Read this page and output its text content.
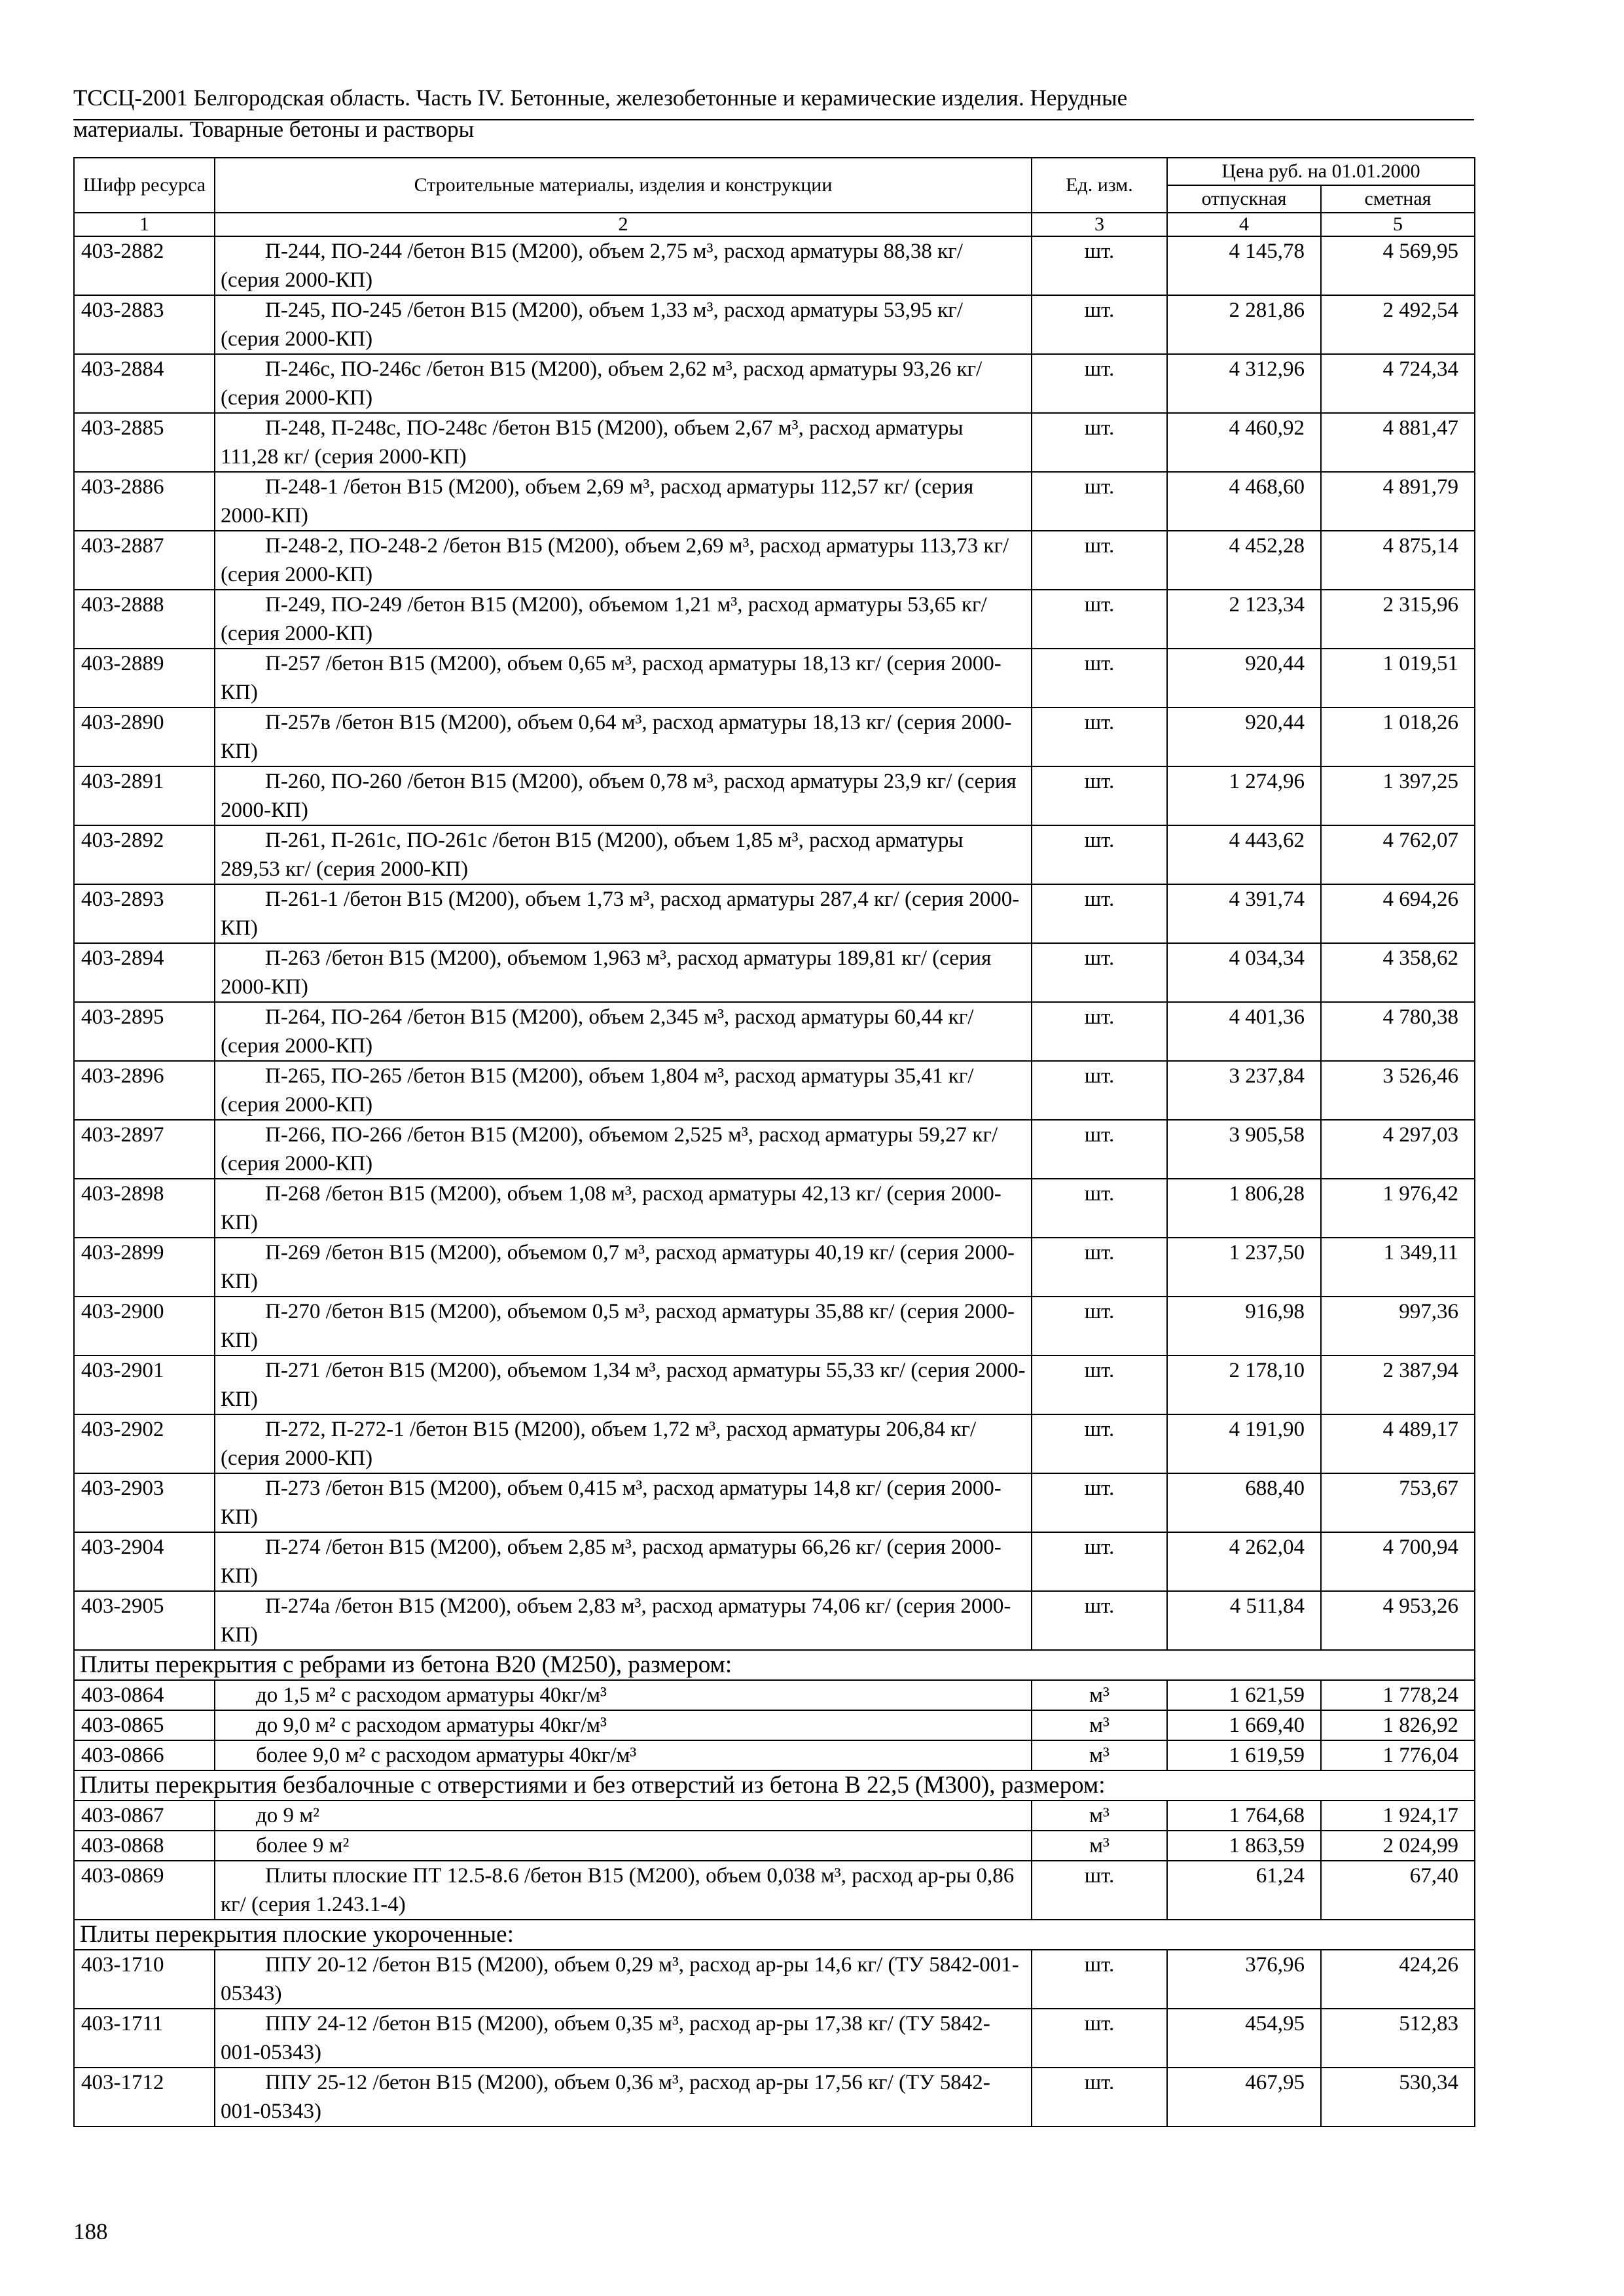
ТССЦ-2001 Белгородская область. Часть IV. Бетонные, железобетонные и керамические изделия. Нерудные
материалы. Товарные бетоны и растворы
Шифр ресурса	Строительные материалы, изделия и конструкции	Ед. изм.	Цена руб. на 01.01.2000	
			отпускная	сметная
1	2	3	4	5
403-2882	П-244, ПО-244 /бетон B15 (М200), объем 2,75 м³, расход арматуры 88,38 кг/ (серия 2000-КП)	шт.	4 145,78	4 569,95
403-2883	П-245, ПО-245 /бетон B15 (М200), объем 1,33 м³, расход арматуры 53,95 кг/ (серия 2000-КП)	шт.	2 281,86	2 492,54
403-2884	П-246с, ПО-246с /бетон B15 (М200), объем 2,62 м³, расход арматуры 93,26 кг/ (серия 2000-КП)	шт.	4 312,96	4 724,34
403-2885	П-248, П-248с, ПО-248с /бетон B15 (М200), объем 2,67 м³, расход арматуры 111,28 кг/ (серия 2000-КП)	шт.	4 460,92	4 881,47
403-2886	П-248-1 /бетон B15 (М200), объем 2,69 м³, расход арматуры 112,57 кг/ (серия 2000-КП)	шт.	4 468,60	4 891,79
403-2887	П-248-2, ПО-248-2 /бетон B15 (М200), объем 2,69 м³, расход арматуры 113,73 кг/ (серия 2000-КП)	шт.	4 452,28	4 875,14
403-2888	П-249, ПО-249 /бетон B15 (М200), объемом 1,21 м³, расход арматуры 53,65 кг/ (серия 2000-КП)	шт.	2 123,34	2 315,96
403-2889	П-257 /бетон B15 (М200), объем 0,65 м³, расход арматуры 18,13 кг/ (серия 2000-КП)	шт.	920,44	1 019,51
403-2890	П-257в /бетон B15 (М200), объем 0,64 м³, расход арматуры 18,13 кг/ (серия 2000-КП)	шт.	920,44	1 018,26
403-2891	П-260, ПО-260 /бетон B15 (М200), объем 0,78 м³, расход арматуры 23,9 кг/ (серия 2000-КП)	шт.	1 274,96	1 397,25
403-2892	П-261, П-261с, ПО-261с /бетон B15 (М200), объем 1,85 м³, расход арматуры 289,53 кг/ (серия 2000-КП)	шт.	4 443,62	4 762,07
403-2893	П-261-1 /бетон B15 (М200), объем 1,73 м³, расход арматуры 287,4 кг/ (серия 2000-КП)	шт.	4 391,74	4 694,26
403-2894	П-263 /бетон B15 (М200), объемом 1,963 м³, расход арматуры 189,81 кг/ (серия 2000-КП)	шт.	4 034,34	4 358,62
403-2895	П-264, ПО-264 /бетон B15 (М200), объем 2,345 м³, расход арматуры 60,44 кг/ (серия 2000-КП)	шт.	4 401,36	4 780,38
403-2896	П-265, ПО-265 /бетон B15 (М200), объем 1,804 м³, расход арматуры 35,41 кг/ (серия 2000-КП)	шт.	3 237,84	3 526,46
403-2897	П-266, ПО-266 /бетон B15 (М200), объемом 2,525 м³, расход арматуры 59,27 кг/ (серия 2000-КП)	шт.	3 905,58	4 297,03
403-2898	П-268 /бетон B15 (М200), объем 1,08 м³, расход арматуры 42,13 кг/ (серия 2000-КП)	шт.	1 806,28	1 976,42
403-2899	П-269 /бетон B15 (М200), объемом 0,7 м³, расход арматуры 40,19 кг/ (серия 2000-КП)	шт.	1 237,50	1 349,11
403-2900	П-270 /бетон B15 (М200), объемом 0,5 м³, расход арматуры 35,88 кг/ (серия 2000-КП)	шт.	916,98	997,36
403-2901	П-271 /бетон B15 (М200), объемом 1,34 м³, расход арматуры 55,33 кг/ (серия 2000-КП)	шт.	2 178,10	2 387,94
403-2902	П-272, П-272-1 /бетон B15 (М200), объем 1,72 м³, расход арматуры 206,84 кг/ (серия 2000-КП)	шт.	4 191,90	4 489,17
403-2903	П-273 /бетон B15 (М200), объем 0,415 м³, расход арматуры 14,8 кг/ (серия 2000-КП)	шт.	688,40	753,67
403-2904	П-274 /бетон B15 (М200), объем 2,85 м³, расход арматуры 66,26 кг/ (серия 2000-КП)	шт.	4 262,04	4 700,94
403-2905	П-274а /бетон B15 (М200), объем 2,83 м³, расход арматуры 74,06 кг/ (серия 2000-КП)	шт.	4 511,84	4 953,26
Плиты перекрытия с ребрами из бетона В20 (М250), размером:				
403-0864	до 1,5 м² с расходом арматуры 40кг/м³	м³	1 621,59	1 778,24
403-0865	до 9,0 м² с расходом арматуры 40кг/м³	м³	1 669,40	1 826,92
403-0866	более 9,0 м² с расходом арматуры 40кг/м³	м³	1 619,59	1 776,04
Плиты перекрытия безбалочные с отверстиями и без отверстий из бетона В 22,5 (М300), размером:				
403-0867	до 9 м²	м³	1 764,68	1 924,17
403-0868	более 9 м²	м³	1 863,59	2 024,99
403-0869	Плиты плоские ПТ 12.5-8.6 /бетон B15 (М200), объем 0,038 м³, расход ар-ры 0,86 кг/ (серия 1.243.1-4)	шт.	61,24	67,40
Плиты перекрытия плоские укороченные:				
403-1710	ППУ 20-12 /бетон B15 (М200), объем 0,29 м³, расход ар-ры 14,6 кг/ (ТУ 5842-001-05343)	шт.	376,96	424,26
403-1711	ППУ 24-12 /бетон B15 (М200), объем 0,35 м³, расход ар-ры 17,38 кг/ (ТУ 5842-001-05343)	шт.	454,95	512,83
403-1712	ППУ 25-12 /бетон B15 (М200), объем 0,36 м³, расход ар-ры 17,56 кг/ (ТУ 5842-001-05343)	шт.	467,95	530,34
188
